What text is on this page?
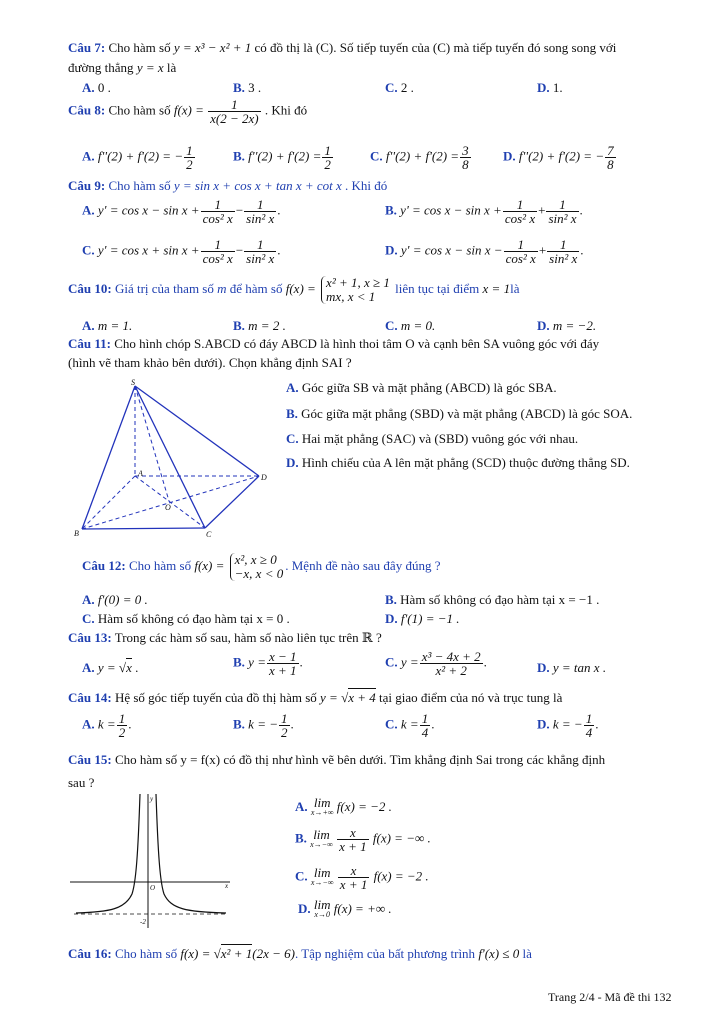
Câu 7: Cho hàm số y = x³ − x² + 1 có đồ thị là (C). Số tiếp tuyến của (C) mà tiếp tuyến đó song song với
đường thẳng y = x là
A. 0 .	B. 3 .	C. 2 .	D. 1.
Câu 8: Cho hàm số $f(x) = \frac{1}{x(2 - 2x)}$ . Khi đó
A. f''(2) + f'(2) = − $\frac{1}{2}$	B. $f''(2) + f'(2) = \frac{1}{2}$	C. $f''(2) + f'(2) = \frac{3}{8} D$. f''(2) + f'(2) = − $\frac{7}{8}$
Câu 9: Cho hàm số y = sin x + cos x + tan x + cot x . Khi đó
A. $y' = \cos x - \sin x + \frac{1}{\text{cos² x}} - \frac{1}{\text{sin² x}}$ .	B. $y' = \cos x - \sin x + \frac{1}{\text{cos² x}} + \frac{1}{\text{sin² x}}$ .
C. $y' = \cos x + \sin x + \frac{1}{\text{cos² x}} - \frac{1}{\text{sin² x}}$ .	D. $y' = \cos x - \sin x - \frac{1}{\text{cos² x}} + \frac{1}{\text{sin² x}}$ .
Câu 10: Giá trị của tham số m để hàm số f(x) = x² + 1, x ≥ 1
mx, x < 1
liên tục tại điểm x = 1là
A. m = 1.	B. m = 2 .	C. m = 0.	D. m = −2.
Câu 11: Cho hình chóp S.ABCD có đáy ABCD là hình thoi tâm O và cạnh bên SA vuông góc với đáy
(hình vẽ tham khảo bên dưới). Chọn khẳng định SAI ?
S
A
B	C
D
O
A. Góc giữa SB và mặt phẳng (ABCD) là góc SBA.
B. Góc giữa mặt phẳng (SBD) và mặt phẳng (ABCD) là góc SOA.
C. Hai mặt phẳng (SAC) và (SBD) vuông góc với nhau.
D. Hình chiếu của A lên mặt phẳng (SCD) thuộc đường thẳng SD.
Câu 12: Cho hàm số f(x) = x², x ≥ 0
−x, x < 0
. Mệnh đề nào sau đây đúng ?
A. f'(0) = 0 .	B. Hàm số không có đạo hàm tại x = −1 .
C. Hàm số không có đạo hàm tại x = 0 .	D. f'(1) = −1 .
Câu 13: Trong các hàm số sau, hàm số nào liên tục trên ℝ ?
A. y = √x .	B. $y = \frac{x - 1}{x + 1}$ .	C. $y = \frac{\text{x³ − 4x + 2}}{\text{x² + 2}}$ .	D. y = tan x .
Câu 14: Hệ số góc tiếp tuyến của đồ thị hàm số y = √x + 4 tại giao điểm của nó và trục tung là
A. $k = \frac{1}{2}$ .	B. k = − $\frac{1}{2}$ .	C. $k = \frac{1}{4}$ .	D. k = − $\frac{1}{4}$ .
Câu 15: Cho hàm số y = f(x) có đồ thị như hình vẽ bên dưới. Tìm khẳng định Sai trong các khẳng định
sau ?
y
x
O
-2
A. lim
x→+∞ f(x) = −2 .
B. lim
x→−∞
$\frac{x}{x + 1} f(x)$ = −∞ .
C. lim
x→−∞
$\frac{x}{x + 1} f(x) = -2$ .
D. lim
x→0 f(x) = +∞ .
Câu 16: Cho hàm số f(x) = √x² + 1(2x − 6). Tập nghiệm của bất phương trình f'(x) ≤ 0 là
Trang 2/4 - Mã đề thi 132
